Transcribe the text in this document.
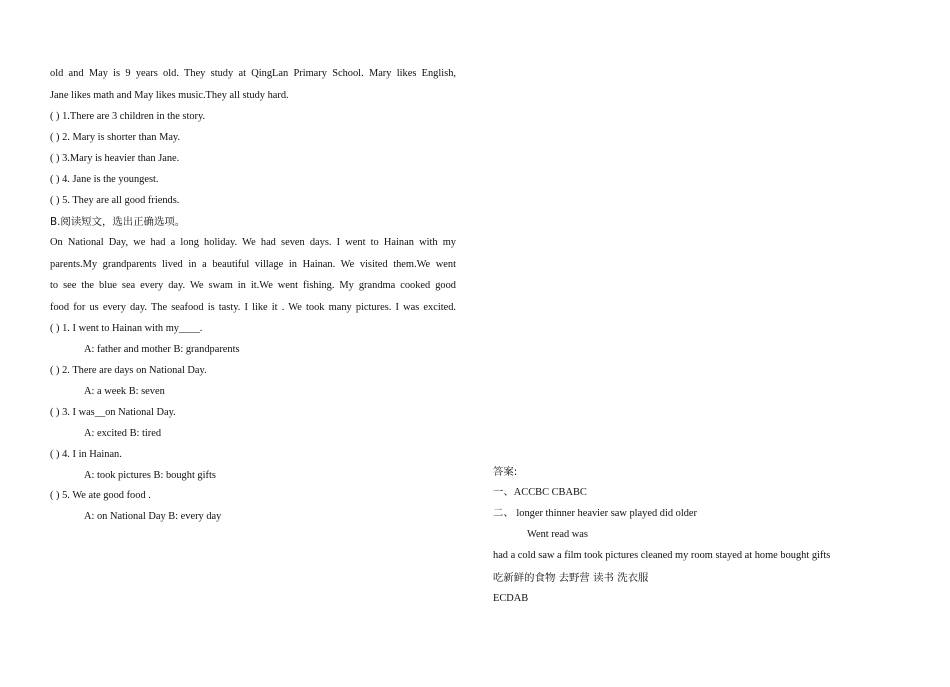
old and May is 9 years old. They study at QingLan Primary School. Mary likes English,
Jane likes math and May likes music.They all study hard.
( ) 1.There are 3 children in the story.
( ) 2. Mary is shorter than May.
( ) 3.Mary is heavier than Jane.
( ) 4. Jane is the youngest.
( ) 5. They are all good friends.
B.阅读短文，选出正确选项。
On National Day, we had a long holiday. We had seven days. I went to Hainan with my
parents.My grandparents lived in a beautiful village in Hainan. We visited them.We went
to see the blue sea every day. We swam in it.We went fishing. My grandma cooked good
food for us every day. The seafood is tasty. I like it . We took many pictures. I was excited.
( ) 1. I went to Hainan with my____.
A: father and mother B: grandparents
( ) 2. There are days on National Day.
A: a week B: seven
( ) 3. I was__on National Day.
A: excited B: tired
( ) 4. I in Hainan.
A: took pictures B: bought gifts
( ) 5. We ate good food .
A: on National Day B: every day
答案:
一、ACCBC CBABC
二、 longer thinner heavier saw played did older
Went read was
had a cold saw a film took pictures cleaned my room stayed at home bought gifts
吃新鲜的食物 去野营 读书 洗衣服
ECDAB
